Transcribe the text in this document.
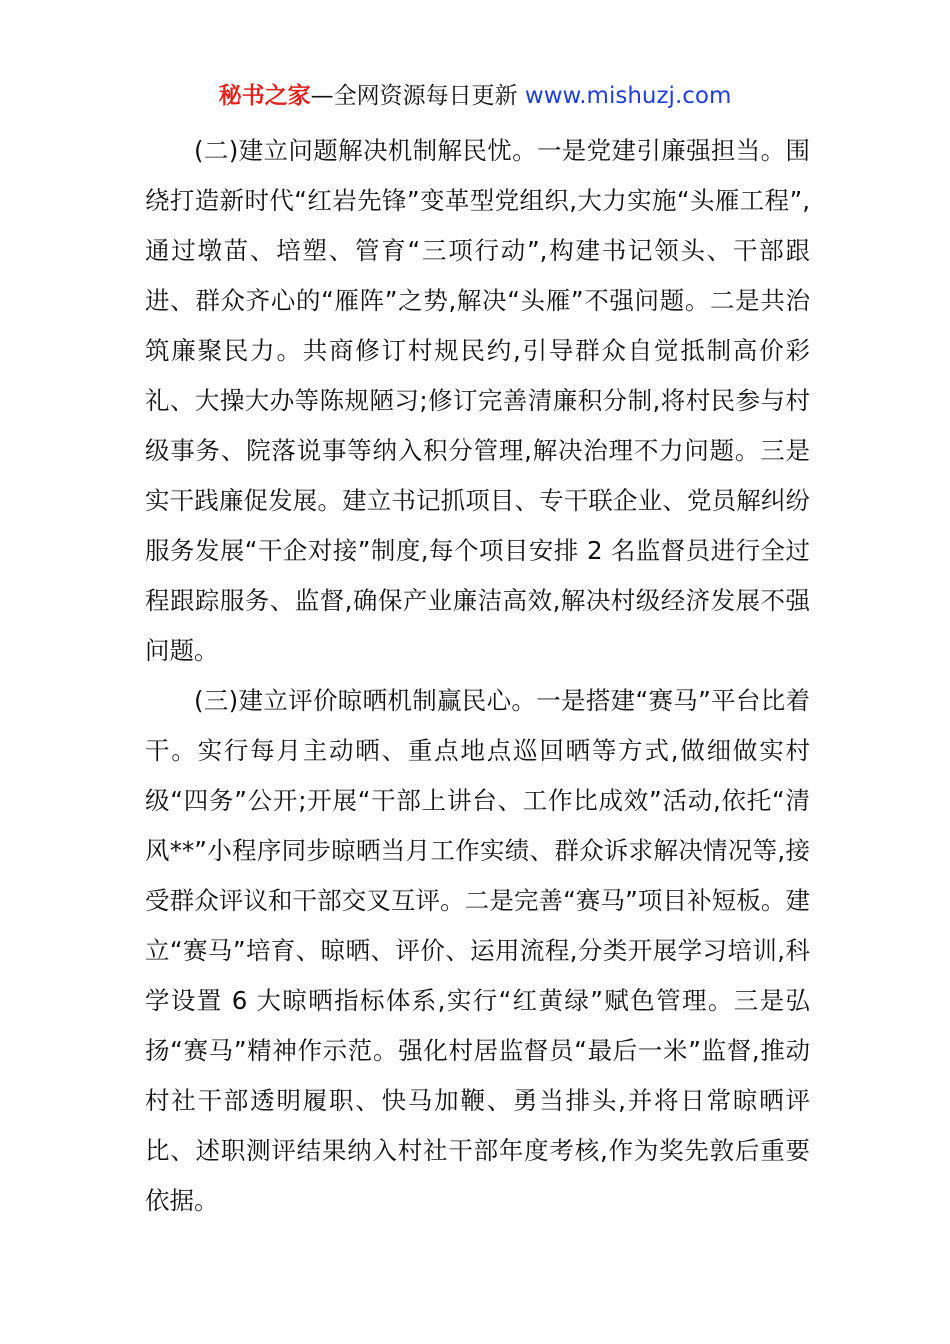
秘书之家—全网资源每日更新 www.mishuzj.com

(二)建立问题解决机制解民忧。一是党建引廉强担当。围绕打造新时代“红岩先锋”变革型党组织,大力实施“头雁工程”,通过墩苗、培塑、管育“三项行动”,构建书记领头、干部跟进、群众齐心的“雁阵”之势,解决“头雁”不强问题。二是共治筑廉聚民力。共商修订村规民约,引导群众自觉抵制高价彩礼、大操大办等陈规陋习;修订完善清廉积分制,将村民参与村级事务、院落说事等纳入积分管理,解决治理不力问题。三是实干践廉促发展。建立书记抓项目、专干联企业、党员解纠纷服务发展“干企对接”制度,每个项目安排 2 名监督员进行全过程跟踪服务、监督,确保产业廉洁高效,解决村级经济发展不强问题。

(三)建立评价晾晒机制赢民心。一是搭建“赛马”平台比着干。实行每月主动晒、重点地点巡回晒等方式,做细做实村级“四务”公开;开展“干部上讲台、工作比成效”活动,依托“清风**”小程序同步晾晒当月工作实绩、群众诉求解决情况等,接受群众评议和干部交叉互评。二是完善“赛马”项目补短板。建立“赛马”培育、晾晒、评价、运用流程,分类开展学习培训,科学设置 6 大晾晒指标体系,实行“红黄绿”赋色管理。三是弘扬“赛马”精神作示范。强化村居监督员“最后一米”监督,推动村社干部透明履职、快马加鞭、勇当排头,并将日常晾晒评比、述职测评结果纳入村社干部年度考核,作为奖先敦后重要依据。
